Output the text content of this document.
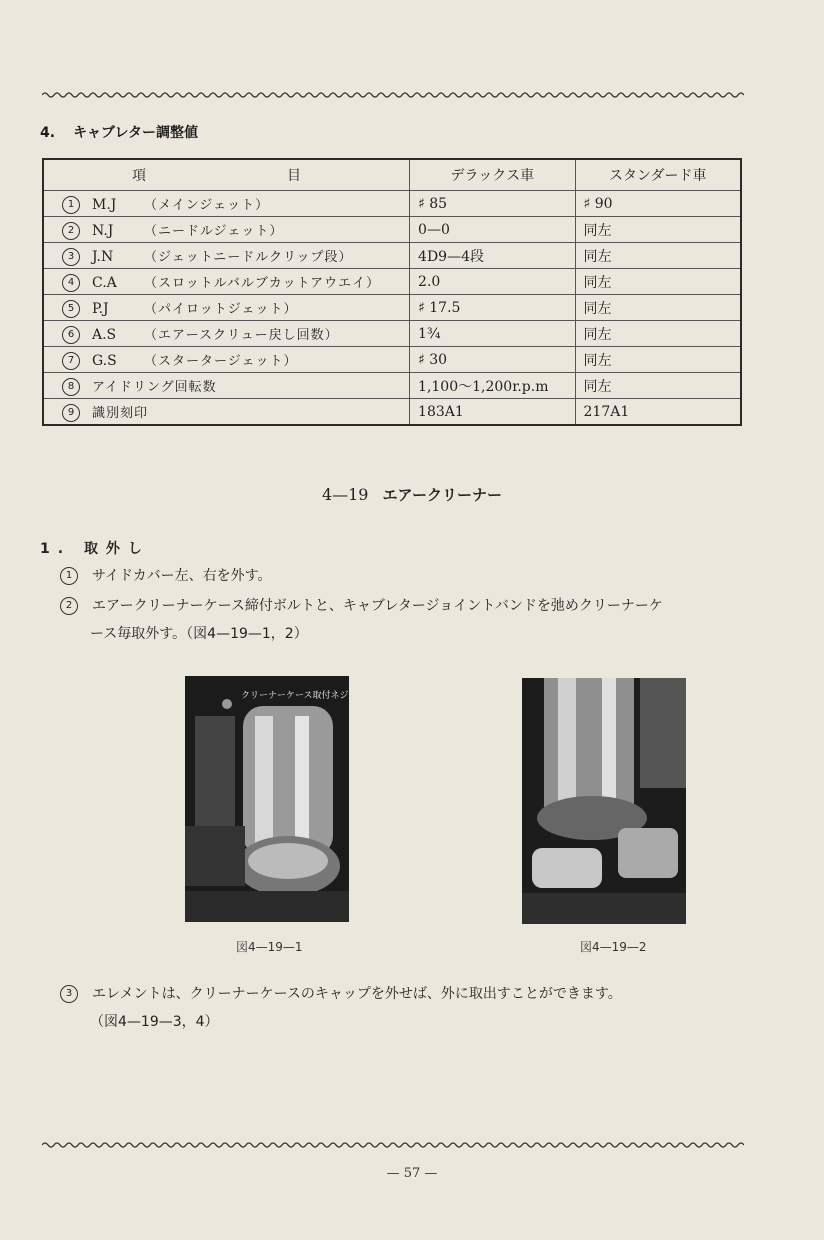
4. キャブレター調整値
項 目	デラックス車	スタンダード車
1 M.J （メインジェット）	♯ 85	♯ 90
2 N.J （ニードルジェット）	0—0	同左
3 J.N （ジェットニードルクリップ段）	4D9—4段	同左
4 C.A （スロットルバルブカットアウエイ）	2.0	同左
5 P.J （パイロットジェット）	♯ 17.5	同左
6 A.S （エアースクリュー戻し回数）	1¾	同左
7 G.S （スタータージェット）	♯ 30	同左
8 アイドリング回転数	1,100～1,200r.p.m	同左
9 識別刻印	183A1	217A1
4—19 エアークリーナー
1. 取外し
1 サイドカバー左、右を外す。
2 エアークリーナーケース締付ボルトと、キャブレタージョイントバンドを弛めクリーナーケ
ース毎取外す。（図4—19—1，2）
クリーナーケース取付ネジ
図4—19—1	図4—19—2
3 エレメントは、クリーナーケースのキャップを外せば、外に取出すことができます。
（図4—19—3，4）
— 57 —
